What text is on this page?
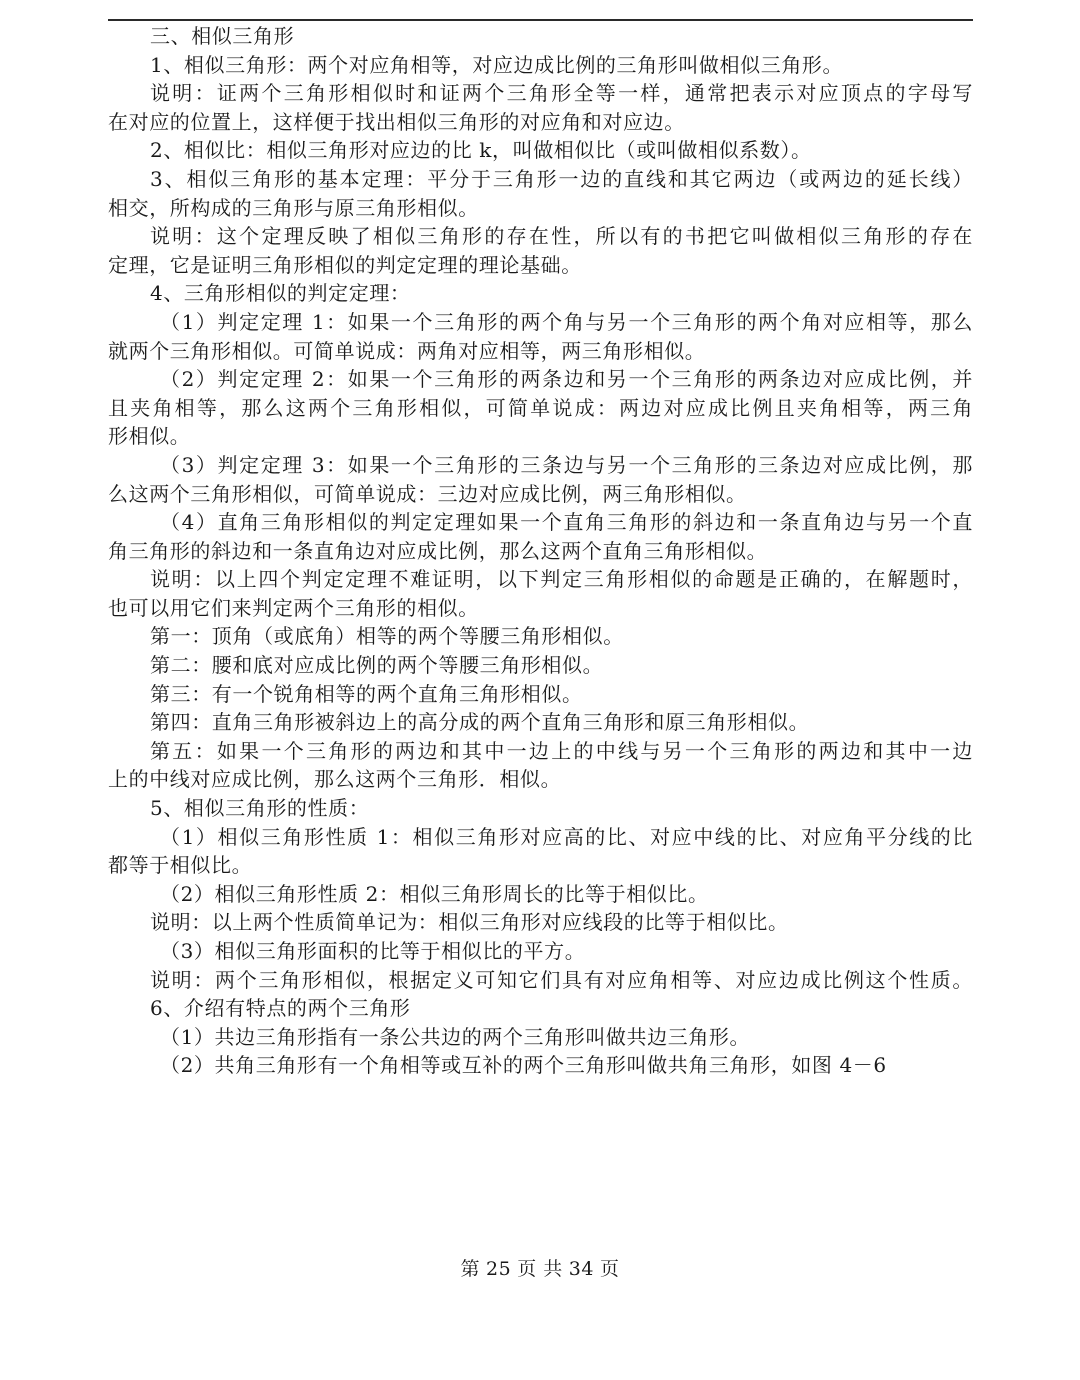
三、相似三角形
1、相似三角形：两个对应角相等，对应边成比例的三角形叫做相似三角形。
说明：证两个三角形相似时和证两个三角形全等一样，通常把表示对应顶点的字母写
在对应的位置上，这样便于找出相似三角形的对应角和对应边。
2、相似比：相似三角形对应边的比 k，叫做相似比（或叫做相似系数）。
3、相似三角形的基本定理：平分于三角形一边的直线和其它两边（或两边的延长线）
相交，所构成的三角形与原三角形相似。
说明：这个定理反映了相似三角形的存在性，所以有的书把它叫做相似三角形的存在
定理，它是证明三角形相似的判定定理的理论基础。
4、三角形相似的判定定理：
（1）判定定理 1：如果一个三角形的两个角与另一个三角形的两个角对应相等，那么
就两个三角形相似。可简单说成：两角对应相等，两三角形相似。
（2）判定定理 2：如果一个三角形的两条边和另一个三角形的两条边对应成比例，并
且夹角相等，那么这两个三角形相似，可简单说成：两边对应成比例且夹角相等，两三角
形相似。
（3）判定定理 3：如果一个三角形的三条边与另一个三角形的三条边对应成比例，那
么这两个三角形相似，可简单说成：三边对应成比例，两三角形相似。
（4）直角三角形相似的判定定理如果一个直角三角形的斜边和一条直角边与另一个直
角三角形的斜边和一条直角边对应成比例，那么这两个直角三角形相似。
说明：以上四个判定定理不难证明，以下判定三角形相似的命题是正确的，在解题时，
也可以用它们来判定两个三角形的相似。
第一：顶角（或底角）相等的两个等腰三角形相似。
第二：腰和底对应成比例的两个等腰三角形相似。
第三：有一个锐角相等的两个直角三角形相似。
第四：直角三角形被斜边上的高分成的两个直角三角形和原三角形相似。
第五：如果一个三角形的两边和其中一边上的中线与另一个三角形的两边和其中一边
上的中线对应成比例，那么这两个三角形．相似。
5、相似三角形的性质：
（1）相似三角形性质 1：相似三角形对应高的比、对应中线的比、对应角平分线的比
都等于相似比。
（2）相似三角形性质 2：相似三角形周长的比等于相似比。
说明：以上两个性质简单记为：相似三角形对应线段的比等于相似比。
（3）相似三角形面积的比等于相似比的平方。
说明：两个三角形相似，根据定义可知它们具有对应角相等、对应边成比例这个性质。
6、介绍有特点的两个三角形
（1）共边三角形指有一条公共边的两个三角形叫做共边三角形。
（2）共角三角形有一个角相等或互补的两个三角形叫做共角三角形，如图 4－6
第 25 页 共 34 页
